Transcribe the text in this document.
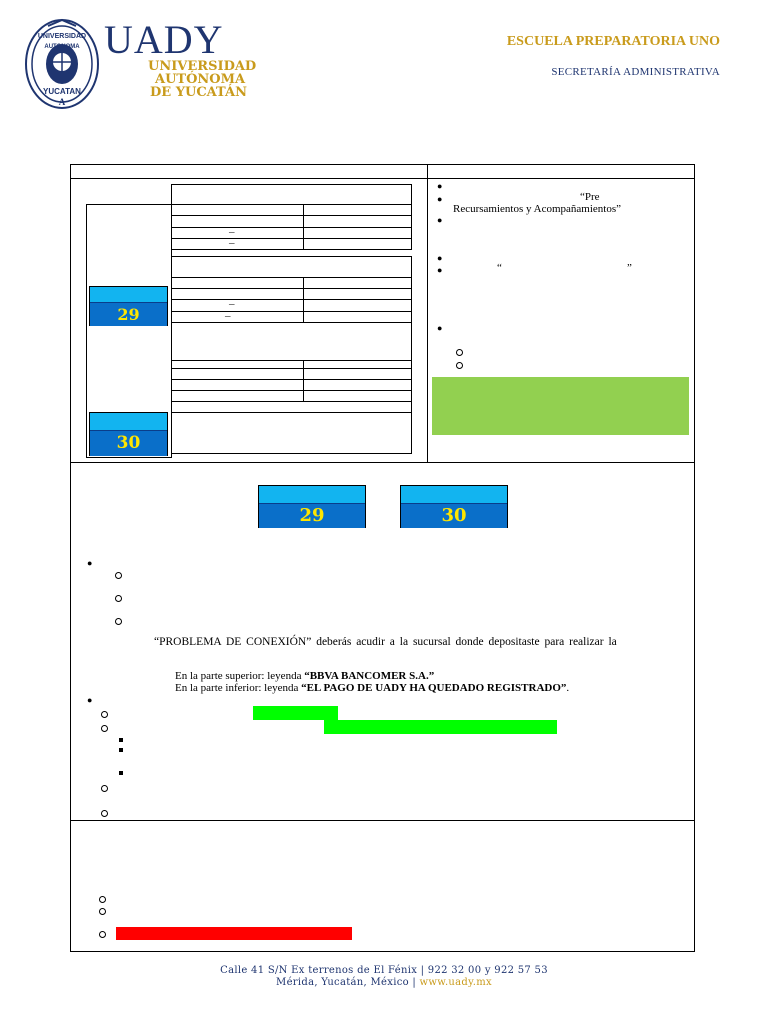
UNIVERSIDAD
AUTONOMA
YUCATAN
A
UADY
UNIVERSIDAD
AUTÓNOMA
DE YUCATÁN
ESCUELA PREPARATORIA UNO
SECRETARÍA ADMINISTRATIVA
–
–
–
–
29
30
●
●	“Pre
Recursamientos y Acompañamientos”
●
●
●	“	”
●
29	30
●
“PROBLEMA DE CONEXIÓN” deberás acudir a la sucursal donde depositaste para realizar la
En la parte superior: leyenda “BBVA BANCOMER S.A.”
En la parte inferior: leyenda “EL PAGO DE UADY HA QUEDADO REGISTRADO”.
●
Calle 41 S/N Ex terrenos de El Fénix | 922 32 00 y 922 57 53
Mérida, Yucatán, México | www.uady.mx
